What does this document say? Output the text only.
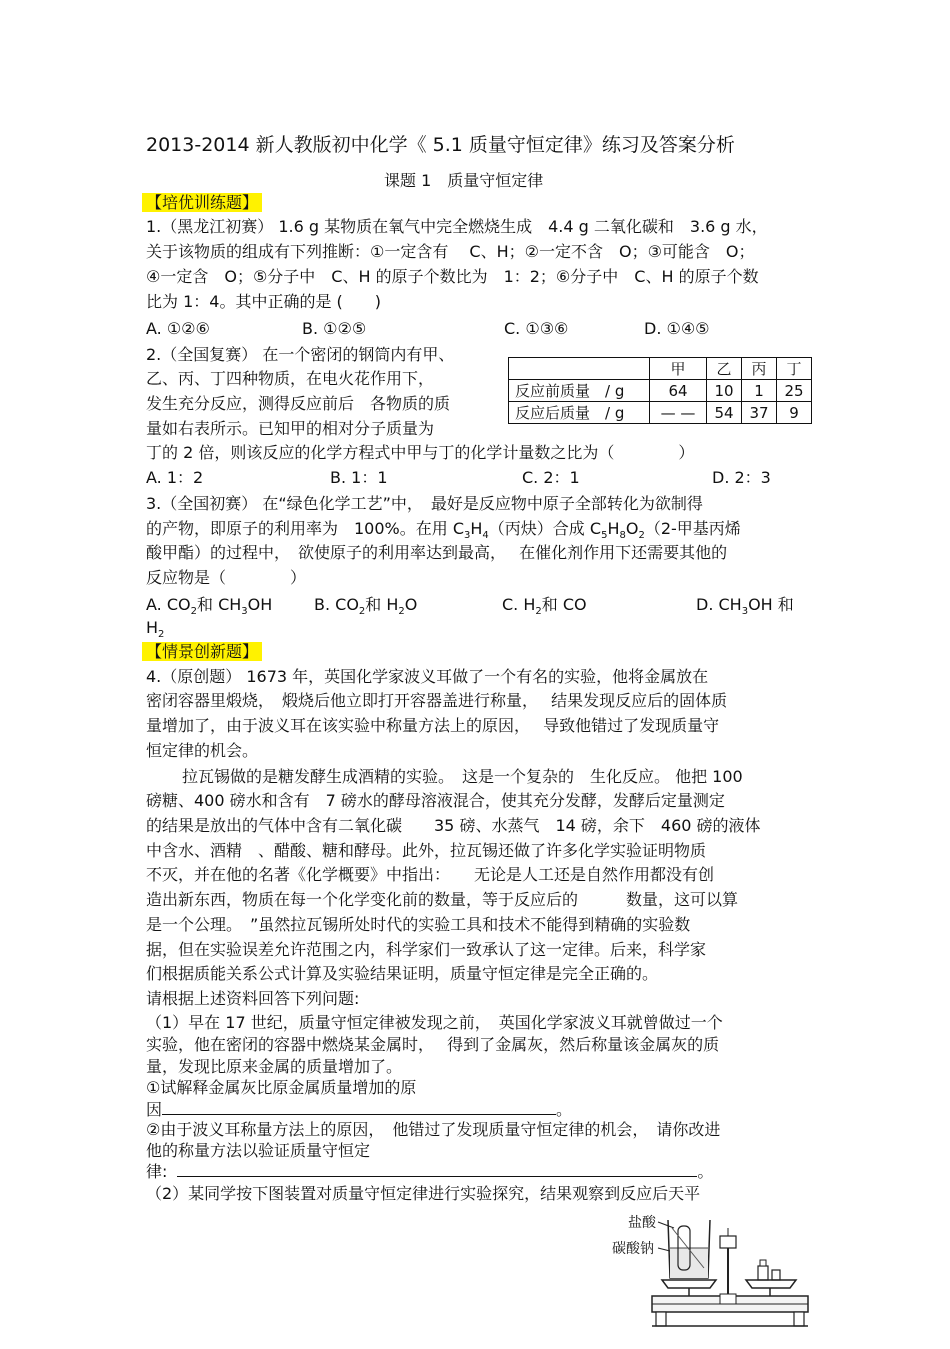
2013-2014 新人教版初中化学《 5.1 质量守恒定律》练习及答案分析
课题 1　质量守恒定律
【培优训练题】
1.（黑龙江初赛） 1.6 g 某物质在氧气中完全燃烧生成　4.4 g 二氧化碳和　3.6 g 水，
关于该物质的组成有下列推断：①一定含有　 C、H；②一定不含　O；③可能含　O；
④一定含　O；⑤分子中　C、H 的原子个数比为　1：2；⑥分子中　C、H 的原子个数
比为 1：4。其中正确的是 (　　)
A. ①②⑥	B. ①②⑤	C. ①③⑥	D. ①④⑤
2.（全国复赛） 在一个密闭的钢筒内有甲、
乙、丙、丁四种物质，在电火花作用下，
发生充分反应，测得反应前后　各物质的质
量如右表所示。已知甲的相对分子质量为
丁的 2 倍，则该反应的化学方程式中甲与丁的化学计量数之比为（　　　　）
A. 1：2	B. 1：1	C. 2：1	D. 2：3
	甲	乙	丙	丁
反应前质量　/ g	64	10	1	25
反应后质量　/ g	— —	54	37	9
3.（全国初赛） 在“绿色化学工艺”中，　最好是反应物中原子全部转化为欲制得
的产物，即原子的利用率为　100%。在用 $C_3H_4$（丙炔）合成 $C_5H_8O_2(2-$甲基丙烯
酸甲酯）的过程中，　欲使原子的利用率达到最高，　 在催化剂作用下还需要其他的
反应物是（　　　　）
A. $CO_2$和 $CH_3OH$	B. $CO_2$和 $H_2O$	C. $H_2$和 CO	D. $CH_3OH$ 和
$H_2$
【情景创新题】
4.（原创题） 1673 年，英国化学家波义耳做了一个有名的实验，他将金属放在
密闭容器里煅烧，　煅烧后他立即打开容器盖进行称量，　 结果发现反应后的固体质
量增加了，由于波义耳在该实验中称量方法上的原因，　 导致他错过了发现质量守
恒定律的机会。
拉瓦锡做的是糖发酵生成酒精的实验。　这是一个复杂的　生化反应。 他把 100
磅糖、400 磅水和含有　7 磅水的酵母溶液混合，使其充分发酵，发酵后定量测定
的结果是放出的气体中含有二氧化碳　　35 磅、水蒸气　14 磅，余下　460 磅的液体
中含水、酒精　、醋酸、糖和酵母。此外，拉瓦锡还做了许多化学实验证明物质
不灭，并在他的名著《化学概要》中指出：　　无论是人工还是自然作用都没有创
造出新东西，物质在每一个化学变化前的数量，等于反应后的　　　数量，这可以算
是一个公理。　”虽然拉瓦锡所处时代的实验工具和技术不能得到精确的实验数
据，但在实验误差允许范围之内，科学家们一致承认了这一定律。后来，科学家
们根据质能关系公式计算及实验结果证明，质量守恒定律是完全正确的。
请根据上述资料回答下列问题:
（1）早在 17 世纪，质量守恒定律被发现之前，　英国化学家波义耳就曾做过一个
实验，他在密闭的容器中燃烧某金属时，　 得到了金属灰，然后称量该金属灰的质
量，发现比原来金属的质量增加了。
①试解释金属灰比原金属质量增加的原
因	。
②由于波义耳称量方法上的原因，　他错过了发现质量守恒定律的机会，　请你改进
他的称量方法以验证质量守恒定
律:	。
（2）某同学按下图装置对质量守恒定律进行实验探究，结果观察到反应后天平
盐酸
碳酸钠
